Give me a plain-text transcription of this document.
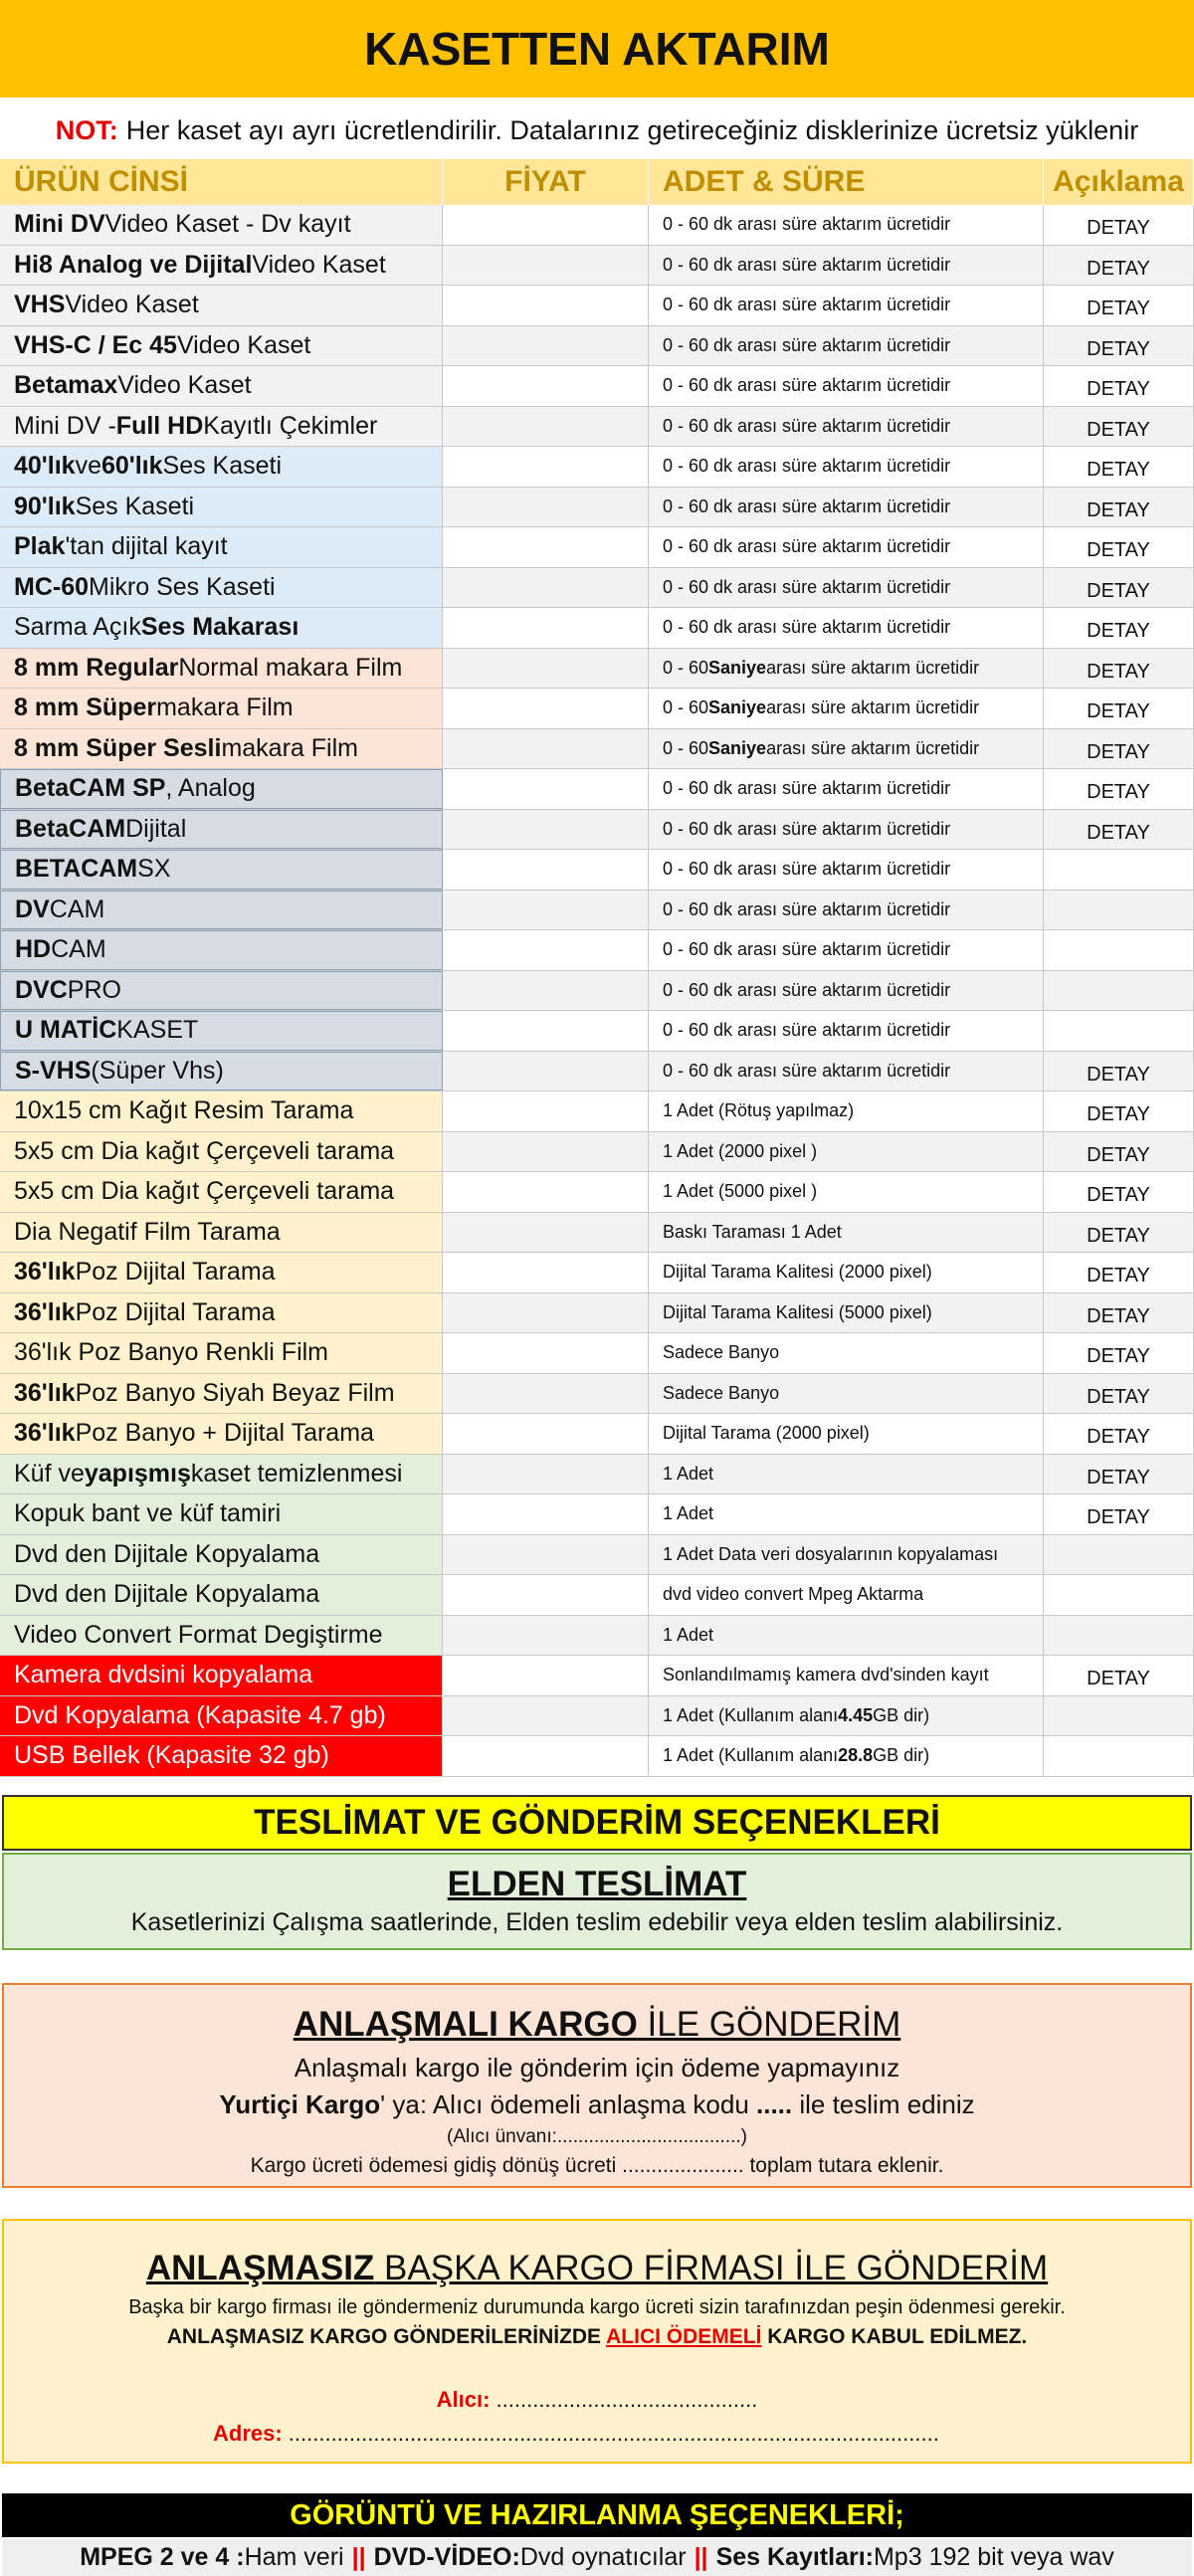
KASETTEN AKTARIM
NOT: Her kaset ayı ayrı ücretlendirilir. Datalarınız getireceğiniz disklerinize ücretsiz yüklenir
ÜRÜN CİNSİ	FİYAT	ADET & SÜRE	Açıklama
Mini DV Video Kaset - Dv kayıt	0 - 60 dk arası süre aktarım ücretidir	DETAY
Hi8 Analog ve Dijital Video Kaset	0 - 60 dk arası süre aktarım ücretidir	DETAY
VHS Video Kaset	0 - 60 dk arası süre aktarım ücretidir	DETAY
VHS-C / Ec 45 Video Kaset	0 - 60 dk arası süre aktarım ücretidir	DETAY
Betamax Video Kaset	0 - 60 dk arası süre aktarım ücretidir	DETAY
Mini DV - Full HD Kayıtlı Çekimler	0 - 60 dk arası süre aktarım ücretidir	DETAY
40'lık ve 60'lık Ses Kaseti	0 - 60 dk arası süre aktarım ücretidir	DETAY
90'lık Ses Kaseti	0 - 60 dk arası süre aktarım ücretidir	DETAY
Plak 'tan dijital kayıt	0 - 60 dk arası süre aktarım ücretidir	DETAY
MC-60 Mikro Ses Kaseti	0 - 60 dk arası süre aktarım ücretidir	DETAY
Sarma Açık Ses Makarası	0 - 60 dk arası süre aktarım ücretidir	DETAY
8 mm Regular Normal makara Film	0 - 60 Saniye arası süre aktarım ücretidir	DETAY
8 mm Süper makara Film	0 - 60 Saniye arası süre aktarım ücretidir	DETAY
8 mm Süper Sesli makara Film	0 - 60 Saniye arası süre aktarım ücretidir	DETAY
BetaCAM SP , Analog	0 - 60 dk arası süre aktarım ücretidir	DETAY
BetaCAM Dijital	0 - 60 dk arası süre aktarım ücretidir	DETAY
BETACAM SX	0 - 60 dk arası süre aktarım ücretidir
DV CAM	0 - 60 dk arası süre aktarım ücretidir
HD CAM	0 - 60 dk arası süre aktarım ücretidir
DVC PRO	0 - 60 dk arası süre aktarım ücretidir
U MATİC KASET	0 - 60 dk arası süre aktarım ücretidir
S-VHS (Süper Vhs)	0 - 60 dk arası süre aktarım ücretidir	DETAY
10x15 cm Kağıt Resim Tarama	1 Adet (Rötuş yapılmaz)	DETAY
5x5 cm Dia kağıt Çerçeveli tarama	1 Adet (2000 pixel )	DETAY
5x5 cm Dia kağıt Çerçeveli tarama	1 Adet (5000 pixel )	DETAY
Dia Negatif Film Tarama	Baskı Taraması 1 Adet	DETAY
36'lık Poz Dijital Tarama	Dijital Tarama Kalitesi (2000 pixel)	DETAY
36'lık Poz Dijital Tarama	Dijital Tarama Kalitesi (5000 pixel)	DETAY
36'lık Poz Banyo Renkli Film	Sadece Banyo	DETAY
36'lık Poz Banyo Siyah Beyaz Film	Sadece Banyo	DETAY
36'lık Poz Banyo + Dijital Tarama	Dijital Tarama (2000 pixel)	DETAY
Küf ve yapışmış kaset temizlenmesi	1 Adet	DETAY
Kopuk bant ve küf tamiri	1 Adet	DETAY
Dvd den Dijitale Kopyalama	1 Adet Data veri dosyalarının kopyalaması
Dvd den Dijitale Kopyalama	dvd video convert Mpeg Aktarma
Video Convert Format Degiştirme	1 Adet
Kamera dvdsini kopyalama	Sonlandılmamış kamera dvd'sinden kayıt	DETAY
Dvd Kopyalama (Kapasite 4.7 gb)	1 Adet (Kullanım alanı 4.45 GB dir)
USB Bellek (Kapasite 32 gb)	1 Adet (Kullanım alanı 28.8 GB dir)
TESLİMAT VE GÖNDERİM SEÇENEKLERİ
ELDEN TESLİMAT
Kasetlerinizi Çalışma saatlerinde, Elden teslim edebilir veya elden teslim alabilirsiniz.
ANLAŞMALI KARGO İLE GÖNDERİM
Anlaşmalı kargo ile gönderim için ödeme yapmayınız
Yurtiçi Kargo' ya: Alıcı ödemeli anlaşma kodu ..... ile teslim ediniz
(Alıcı ünvanı:...................................)
Kargo ücreti ödemesi gidiş dönüş ücreti ..................... toplam tutara eklenir.
ANLAŞMASIZ BAŞKA KARGO FİRMASI İLE GÖNDERİM
Başka bir kargo firması ile göndermeniz durumunda kargo ücreti sizin tarafınızdan peşin ödenmesi gerekir.
ANLAŞMASIZ KARGO GÖNDERİLERİNİZDE ALICI ÖDEMELİ KARGO KABUL EDİLMEZ.
Alıcı: ...........................................
Adres: ...........................................................................................................
GÖRÜNTÜ VE HAZIRLANMA ŞEÇENEKLERİ;
MPEG 2 ve 4 : Ham veri || DVD-VİDEO: Dvd oynatıcılar || Ses Kayıtları: Mp3 192 bit veya wav
